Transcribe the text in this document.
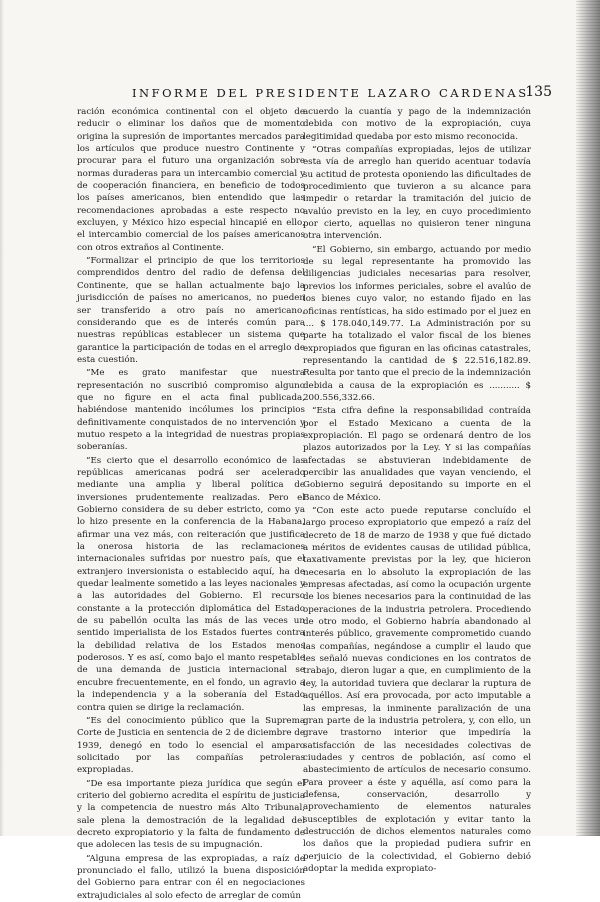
INFORME DEL PRESIDENTE LAZARO CARDENAS
135

ración económica continental con el objeto de reducir o eliminar los daños que de momento origina la supresión de importantes mercados para los artículos que produce nuestro Continente y procurar para el futuro una organización sobre normas duraderas para un intercambio comercial y de cooperación financiera, en beneficio de todos los países americanos, bien entendido que las recomendaciones aprobadas a este respecto no excluyen, y México hizo especial hincapié en ello, el intercambio comercial de los países americanos con otros extraños al Continente.

“Formalizar el principio de que los territorios comprendidos dentro del radio de defensa del Continente, que se hallan actualmente bajo la jurisdicción de países no americanos, no pueden ser transferido a otro país no americano, considerando que es de interés común para nuestras repúblicas establecer un sistema que garantice la participación de todas en el arreglo de esta cuestión.

“Me es grato manifestar que nuestra representación no suscribió compromiso alguno que no figure en el acta final publicada, habiéndose mantenido incólumes los principios definitivamente conquistados de no intervención y mutuo respeto a la integridad de nuestras propias soberanías.

“Es cierto que el desarrollo económico de las repúblicas americanas podrá ser acelerado mediante una amplia y liberal política de inversiones prudentemente realizadas. Pero el Gobierno considera de su deber estricto, como ya lo hizo presente en la conferencia de la Habana, afirmar una vez más, con reiteración que justifica la onerosa historia de las reclamaciones internacionales sufridas por nuestro país, que el extranjero inversionista o establecido aquí, ha de quedar lealmente sometido a las leyes nacionales y a las autoridades del Gobierno. El recurso constante a la protección diplomática del Estado de su pabellón oculta las más de las veces un sentido imperialista de los Estados fuertes contra la debilidad relativa de los Estados menos poderosos. Y es así, como bajo el manto respetable de una demanda de justicia internacional se encubre frecuentemente, en el fondo, un agravio a la independencia y a la soberanía del Estado contra quien se dirige la reclamación.

“Es del conocimiento público que la Suprema Corte de Justicia en sentencia de 2 de diciembre de 1939, denegó en todo lo esencial el amparo solicitado por las compañías petroleras expropiadas.

“De esa importante pieza jurídica que según el criterio del gobierno acredita el espíritu de justicia y la competencia de nuestro más Alto Tribunal, sale plena la demostración de la legalidad del decreto expropiatorio y la falta de fundamento de que adolecen las tesis de su impugnación.

“Alguna empresa de las expropiadas, a raíz de pronunciado el fallo, utilizó la buena disposición del Gobierno para entrar con él en negociaciones extrajudiciales al solo efecto de arreglar de común

acuerdo la cuantía y pago de la indemnización debida con motivo de la expropiación, cuya legitimidad quedaba por esto mismo reconocida.

“Otras compañías expropiadas, lejos de utilizar esta vía de arreglo han querido acentuar todavía su actitud de protesta oponiendo las dificultades de procedimiento que tuvieron a su alcance para impedir o retardar la tramitación del juicio de avalúo previsto en la ley, en cuyo procedimiento por cierto, aquellas no quisieron tener ninguna otra intervención.

“El Gobierno, sin embargo, actuando por medio de su legal representante ha promovido las diligencias judiciales necesarias para resolver, previos los informes periciales, sobre el avalúo de los bienes cuyo valor, no estando fijado en las oficinas rentísticas, ha sido estimado por el juez en .... $ 178.040,149.77. La Administración por su parte ha totalizado el valor fiscal de los bienes expropiados que figuran en las oficinas catastrales, representando la cantidad de $ 22.516,182.89. Resulta por tanto que el precio de la indemnización debida a causa de la expropiación es ........... $ 200.556,332.66.

“Esta cifra define la responsabilidad contraída por el Estado Mexicano a cuenta de la expropiación. El pago se ordenará dentro de los plazos autorizados por la Ley. Y si las compañías afectadas se abstuvieran indebidamente de percibir las anualidades que vayan venciendo, el Gobierno seguirá depositando su importe en el Banco de México.

“Con este acto puede reputarse concluído el largo proceso expropiatorio que empezó a raíz del decreto de 18 de marzo de 1938 y que fué dictado a méritos de evidentes causas de utilidad pública, taxativamente previstas por la ley, que hicieron necesaria en lo absoluto la expropiación de las empresas afectadas, así como la ocupación urgente de los bienes necesarios para la continuidad de las operaciones de la industria petrolera. Procediendo de otro modo, el Gobierno habría abandonado al interés público, gravemente comprometido cuando las compañías, negándose a cumplir el laudo que les señaló nuevas condiciones en los contratos de trabajo, dieron lugar a que, en cumplimiento de la ley, la autoridad tuviera que declarar la ruptura de aquéllos. Así era provocada, por acto imputable a las empresas, la inminente paralización de una gran parte de la industria petrolera, y, con ello, un grave trastorno interior que impediría la satisfacción de las necesidades colectivas de ciudades y centros de población, así como el abastecimiento de artículos de necesario consumo. Para proveer a éste y aquélla, así como para la defensa, conservación, desarrollo y aprovechamiento de elementos naturales susceptibles de explotación y evitar tanto la destrucción de dichos elementos naturales como los daños que la propiedad pudiera sufrir en perjuicio de la colectividad, el Gobierno debió adoptar la medida expropiato-
